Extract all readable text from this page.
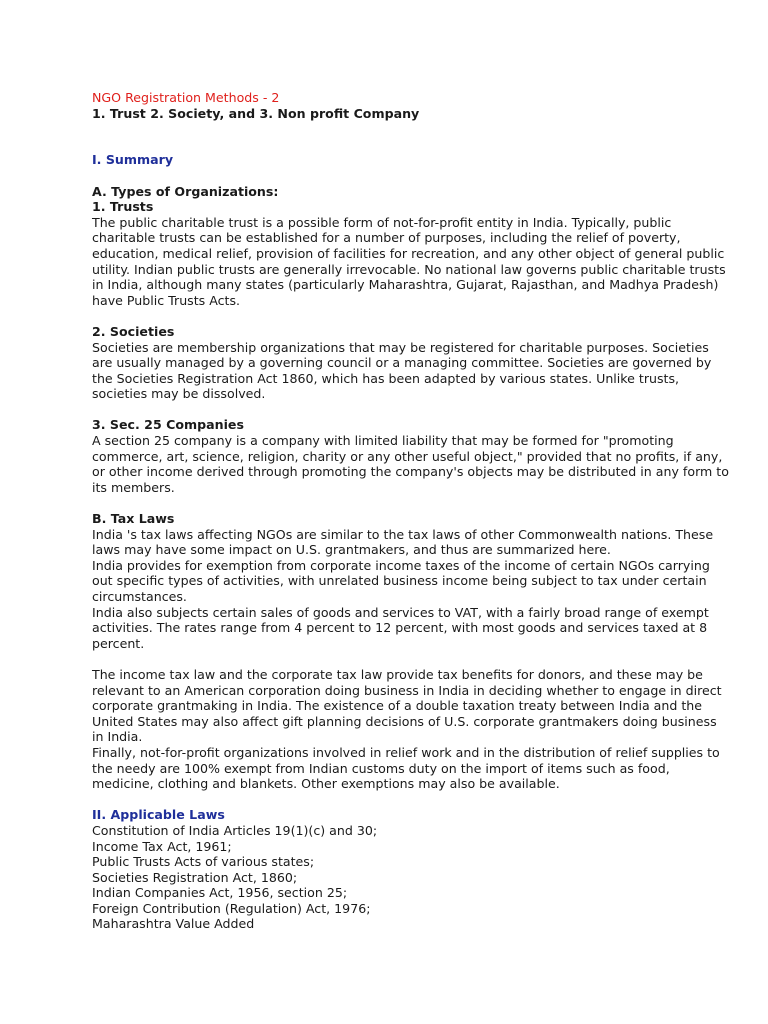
NGO Registration Methods - 2

1. Trust 2. Society, and 3. Non profit Company

I. Summary

A. Types of Organizations:

1. Trusts

The public charitable trust is a possible form of not-for-profit entity in India. Typically, public charitable trusts can be established for a number of purposes, including the relief of poverty, education, medical relief, provision of facilities for recreation, and any other object of general public utility. Indian public trusts are generally irrevocable. No national law governs public charitable trusts in India, although many states (particularly Maharashtra, Gujarat, Rajasthan, and Madhya Pradesh) have Public Trusts Acts.

2. Societies

Societies are membership organizations that may be registered for charitable purposes. Societies are usually managed by a governing council or a managing committee. Societies are governed by the Societies Registration Act 1860, which has been adapted by various states. Unlike trusts, societies may be dissolved.

3. Sec. 25 Companies

A section 25 company is a company with limited liability that may be formed for "promoting commerce, art, science, religion, charity or any other useful object," provided that no profits, if any, or other income derived through promoting the company's objects may be distributed in any form to its members.

B. Tax Laws

India 's tax laws affecting NGOs are similar to the tax laws of other Commonwealth nations. These laws may have some impact on U.S. grantmakers, and thus are summarized here.

India provides for exemption from corporate income taxes of the income of certain NGOs carrying out specific types of activities, with unrelated business income being subject to tax under certain circumstances.

India also subjects certain sales of goods and services to VAT, with a fairly broad range of exempt activities. The rates range from 4 percent to 12 percent, with most goods and services taxed at 8 percent.

The income tax law and the corporate tax law provide tax benefits for donors, and these may be relevant to an American corporation doing business in India in deciding whether to engage in direct corporate grantmaking in India. The existence of a double taxation treaty between India and the United States may also affect gift planning decisions of U.S. corporate grantmakers doing business in India.

Finally, not-for-profit organizations involved in relief work and in the distribution of relief supplies to the needy are 100% exempt from Indian customs duty on the import of items such as food, medicine, clothing and blankets. Other exemptions may also be available.

II. Applicable Laws

Constitution of India Articles 19(1)(c) and 30;
Income Tax Act, 1961;
Public Trusts Acts of various states;
Societies Registration Act, 1860;
Indian Companies Act, 1956, section 25;
Foreign Contribution (Regulation) Act, 1976;
Maharashtra Value Added
